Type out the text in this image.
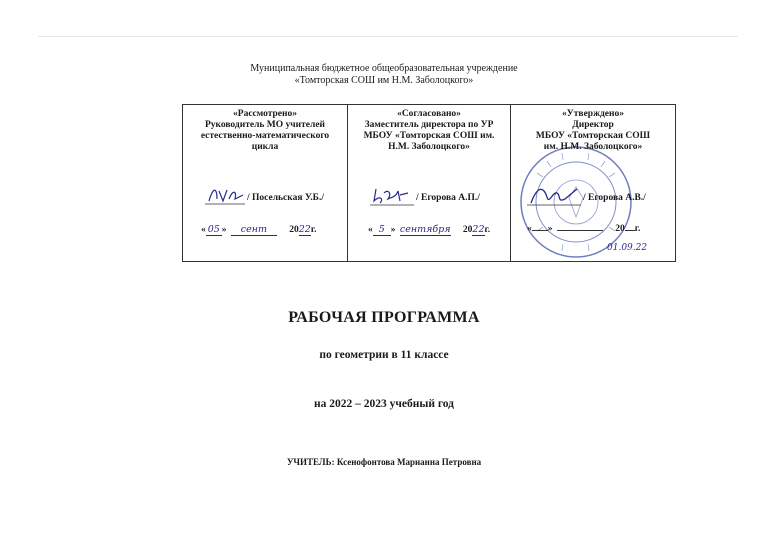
Муниципальная бюджетное общеобразовательная учреждение
«Томторская СОШ им Н.М. Заболоцкого»
«Рассмотрено»
Руководитель МО учителей
естественно-математического
цикла
/ Посельская У.Б./
« 05 » сент 2022г.
«Согласовано»
Заместитель директора по УР
МБОУ «Томторская СОШ им.
Н.М. Заболоцкого»
/ Егорова А.П./
« 5 » сентября 2022г.
«Утверждено»
Директор
МБОУ «Томторская СОШ
им. Н.М. Заболоцкого»
/ Егорова А.В./
« »	20 г.
01.09.22
РАБОЧАЯ ПРОГРАММА
по геометрии в 11 классе
на 2022 – 2023 учебный год
УЧИТЕЛЬ: Ксенофонтова Марианна Петровна
